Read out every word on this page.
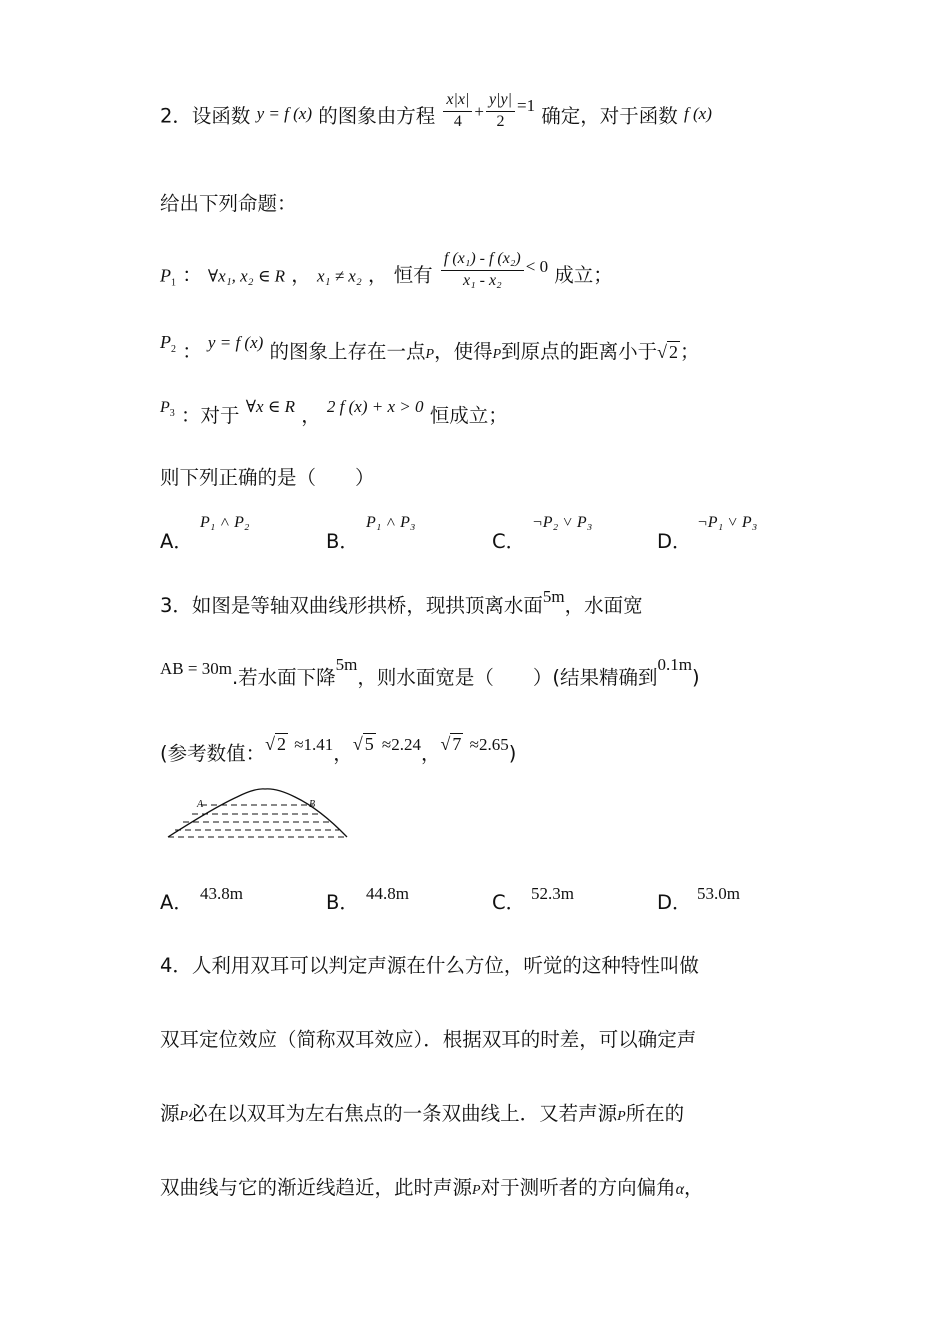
2．设函数 y = f (x) 的图象由方程 $\frac{x|x|}{4} + \frac{y|y|}{2} =1$ 确定，对于函数 f (x)
给出下列命题：
$P_1$ ： ∀x₁, x₂ ∈ R ， x₁ ≠ x₂ ， 恒有 $\frac{\text{f (x₁) - f (x₂)}}{\text{x₁ - x₂}} < 0$ 成立；
$P_2$ ： y = f (x) 的图象上存在一点P，使得P到原点的距离小于√ 2 ；
$P_3$ ：对于 ∀x ∈ R ， 2 f (x) + x > 0 恒成立；
则下列正确的是（　　）
A．
P₁ ˄ P₂
B．
P₁ ˄ P₃
C．
¬P₂ ˅ P₃
D．
¬P₁ ˅ P₃
3．如图是等轴双曲线形拱桥，现拱顶离水面5m，水面宽
AB = 30m.若水面下降5m，则水面宽是（　　）(结果精确到0.1m)
(参考数值：√ 2 ≈1.41，√ 5 ≈2.24，√ 7 ≈2.65)
A	B
A． 43.8m	B． 44.8m	C． 52.3m	D． 53.0m
4．人利用双耳可以判定声源在什么方位，听觉的这种特性叫做
双耳定位效应（简称双耳效应）．根据双耳的时差，可以确定声
源P必在以双耳为左右焦点的一条双曲线上．又若声源P所在的
双曲线与它的渐近线趋近，此时声源P对于测听者的方向偏角α，
